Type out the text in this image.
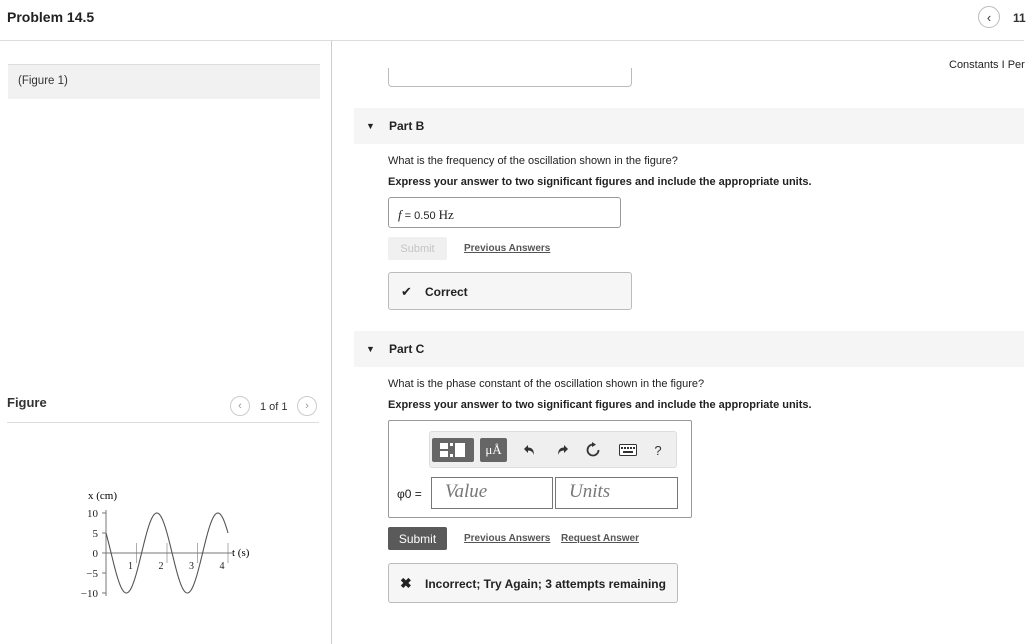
Problem 14.5	‹	11
(Figure 1)
Figure	‹	1 of 1	›
x (cm)
t (s)
10
5
0
−5
−10
1	2	3	4
Constants I Per
▼ Part B
What is the frequency of the oscillation shown in the figure?
Express your answer to two significant figures and include the appropriate units.
f = 0.50 Hz
Submit	Previous Answers
✔ Correct
▼ Part C
What is the phase constant of the oscillation shown in the figure?
Express your answer to two significant figures and include the appropriate units.
μÅ	?
φ0 =	Value	Units
Submit	Previous Answers Request Answer
✖ Incorrect; Try Again; 3 attempts remaining
